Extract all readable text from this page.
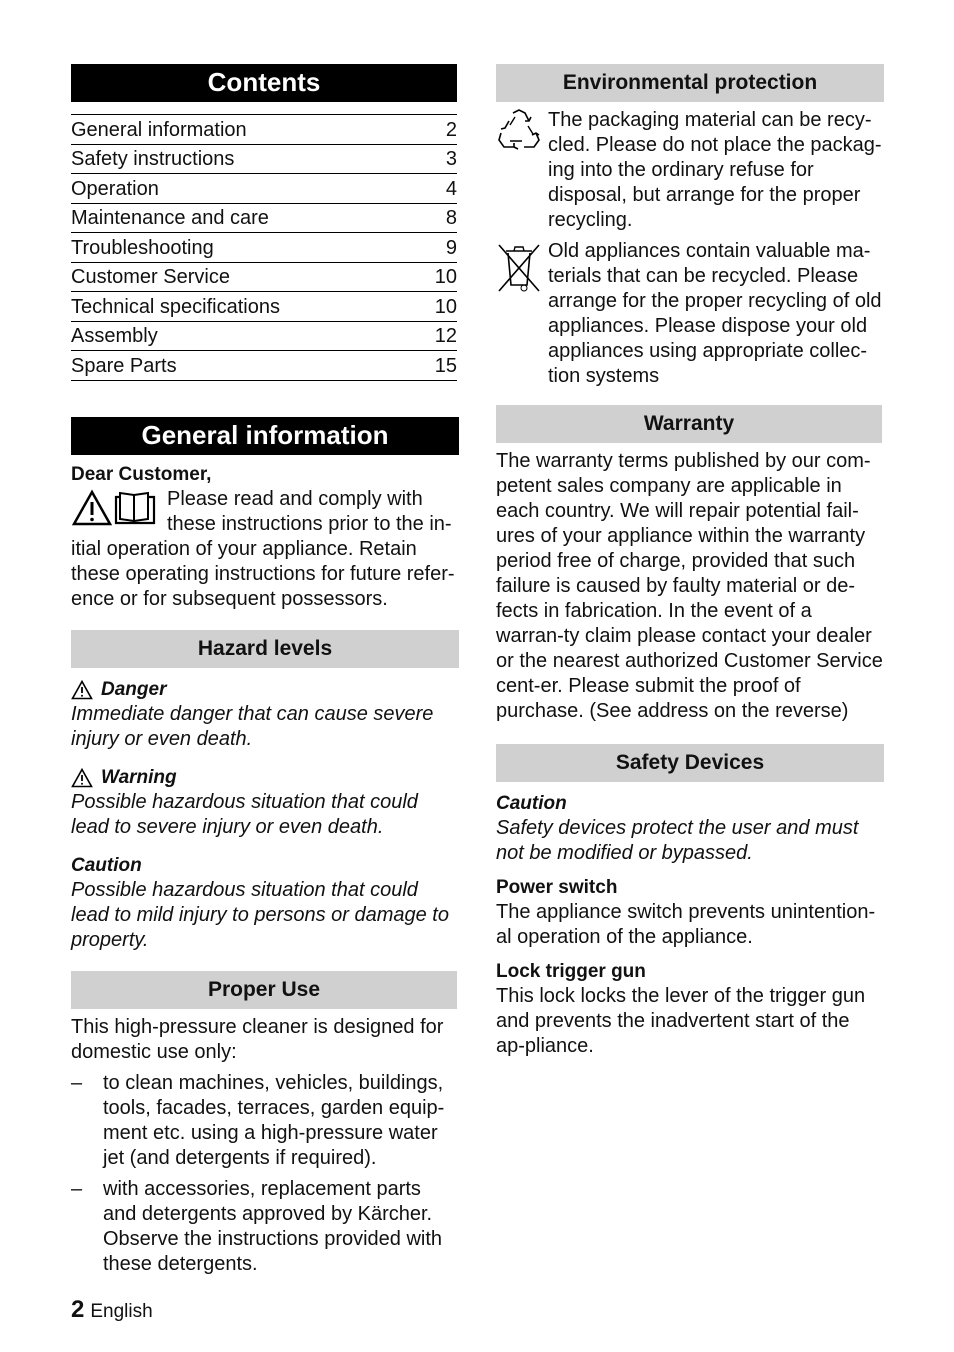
Contents
General information	2
Safety instructions	3
Operation	4
Maintenance and care	8
Troubleshooting	9
Customer Service	10
Technical specifications	10
Assembly	12
Spare Parts	15
General information
Dear Customer,
Please read and comply with these instructions prior to the in-itial operation of your appliance. Retain these operating instructions for future refer-ence or for subsequent possessors.
Hazard levels
Danger
Immediate danger that can cause severe injury or even death.
Warning
Possible hazardous situation that could lead to severe injury or even death.
Caution
Possible hazardous situation that could lead to mild injury to persons or damage to property.
Proper Use

This high-pressure cleaner is designed for domestic use only:

–	to clean machines, vehicles, buildings, tools, facades, terraces, garden equip-ment etc. using a high-pressure water jet (and detergents if required).
–	with accessories, replacement parts and detergents approved by Kärcher. Observe the instructions provided with these detergents.
2 English
Environmental protection
The packaging material can be recy-cled. Please do not place the packag-ing into the ordinary refuse for disposal, but arrange for the proper recycling.
Old appliances contain valuable ma-terials that can be recycled. Please arrange for the proper recycling of old appliances. Please dispose your old appliances using appropriate collec-tion systems
Warranty
The warranty terms published by our com-petent sales company are applicable in each country. We will repair potential fail-ures of your appliance within the warranty period free of charge, provided that such failure is caused by faulty material or de-fects in fabrication. In the event of a warran-ty claim please contact your dealer or the nearest authorized Customer Service cent-er. Please submit the proof of purchase. (See address on the reverse)
Safety Devices
Caution
Safety devices protect the user and must not be modified or bypassed.
Power switch
The appliance switch prevents unintention-al operation of the appliance.
Lock trigger gun
This lock locks the lever of the trigger gun and prevents the inadvertent start of the ap-pliance.
